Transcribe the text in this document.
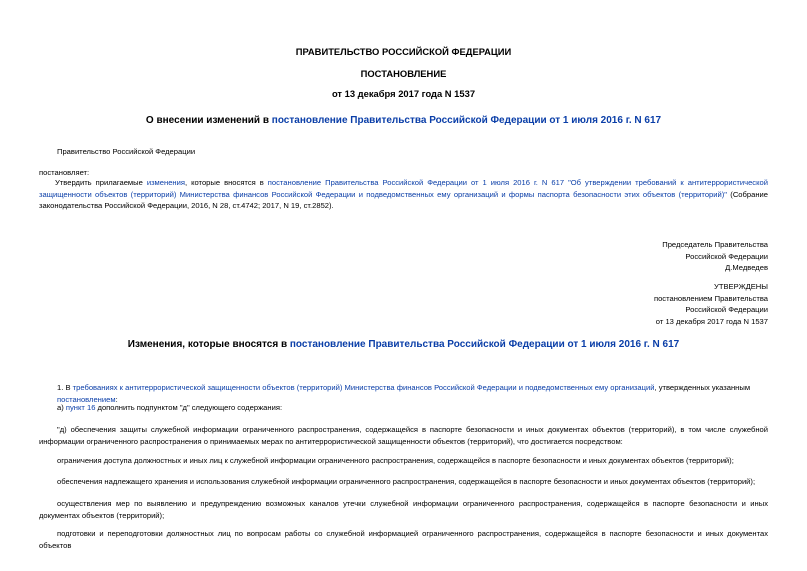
ПРАВИТЕЛЬСТВО РОССИЙСКОЙ ФЕДЕРАЦИИ
ПОСТАНОВЛЕНИЕ
от 13 декабря 2017 года N 1537
О внесении изменений в постановление Правительства Российской Федерации от 1 июля 2016 г. N 617
Правительство Российской Федерации
постановляет:
Утвердить прилагаемые изменения, которые вносятся в постановление Правительства Российской Федерации от 1 июля 2016 г. N 617 "Об утверждении требований к антитеррористической защищенности объектов (территорий) Министерства финансов Российской Федерации и подведомственных ему организаций и формы паспорта безопасности этих объектов (территорий)" (Собрание законодательства Российской Федерации, 2016, N 28, ст.4742; 2017, N 19, ст.2852).
Председатель Правительства
Российской Федерации
Д.Медведев
УТВЕРЖДЕНЫ
постановлением Правительства
Российской Федерации
от 13 декабря 2017 года N 1537
Изменения, которые вносятся в постановление Правительства Российской Федерации от 1 июля 2016 г. N 617
1. В требованиях к антитеррористической защищенности объектов (территорий) Министерства финансов Российской Федерации и подведомственных ему организаций, утвержденных указанным постановлением:
а) пункт 16 дополнить подпунктом "д" следующего содержания:
"д) обеспечения защиты служебной информации ограниченного распространения, содержащейся в паспорте безопасности и иных документах объектов (территорий), в том числе служебной информации ограниченного распространения о принимаемых мерах по антитеррористической защищенности объектов (территорий), что достигается посредством:
ограничения доступа должностных и иных лиц к служебной информации ограниченного распространения, содержащейся в паспорте безопасности и иных документах объектов (территорий);
обеспечения надлежащего хранения и использования служебной информации ограниченного распространения, содержащейся в паспорте безопасности и иных документах объектов (территорий);
осуществления мер по выявлению и предупреждению возможных каналов утечки служебной информации ограниченного распространения, содержащейся в паспорте безопасности и иных документах объектов (территорий);
подготовки и переподготовки должностных лиц по вопросам работы со служебной информацией ограниченного распространения, содержащейся в паспорте безопасности и иных документах объектов
